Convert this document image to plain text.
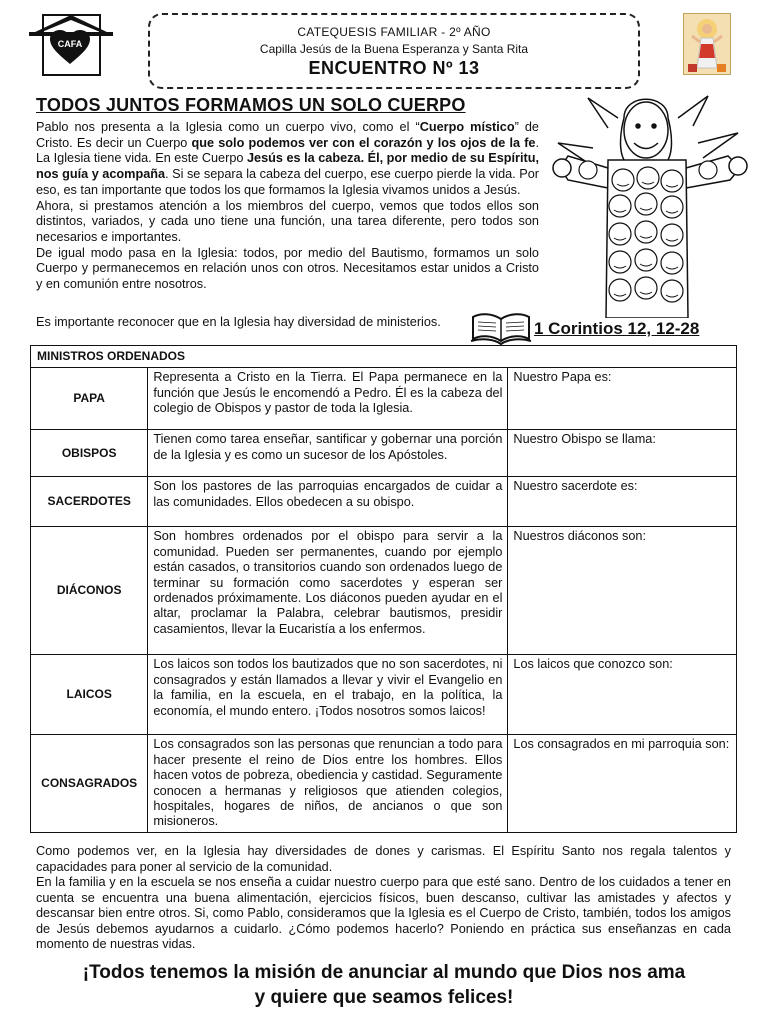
CAFA
CATEQUESIS FAMILIAR - 2º AÑO
Capilla Jesús de la Buena Esperanza y Santa Rita
ENCUENTRO Nº 13
TODOS JUNTOS FORMAMOS UN SOLO CUERPO

Pablo nos presenta a la Iglesia como un cuerpo vivo, como el “Cuerpo místico” de Cristo. Es decir un Cuerpo que solo podemos ver con el corazón y los ojos de la fe. La Iglesia tiene vida. En este Cuerpo Jesús es la cabeza. Él, por medio de su Espíritu, nos guía y acompaña. Si se separa la cabeza del cuerpo, ese cuerpo pierde la vida. Por eso, es tan importante que todos los que formamos la Iglesia vivamos unidos a Jesús.

Ahora, si prestamos atención a los miembros del cuerpo, vemos que todos ellos son distintos, variados, y cada uno tiene una función, una tarea diferente, pero todos son necesarios e importantes.

De igual modo pasa en la Iglesia: todos, por medio del Bautismo, formamos un solo Cuerpo y permanecemos en relación unos con otros. Necesitamos estar unidos a Cristo y en comunión entre nosotros.

Es importante reconocer que en la Iglesia hay diversidad de ministerios.	1 Corintios 12, 12-28
MINISTROS ORDENADOS		
PAPA	Representa a Cristo en la Tierra. El Papa permanece en la función que Jesús le encomendó a Pedro. Él es la cabeza del colegio de Obispos y pastor de toda la Iglesia.	Nuestro Papa es:
OBISPOS	Tienen como tarea enseñar, santificar y gobernar una porción de la Iglesia y es como un sucesor de los Apóstoles.	Nuestro Obispo se llama:
SACERDOTES	Son los pastores de las parroquias encargados de cuidar a las comunidades. Ellos obedecen a su obispo.	Nuestro sacerdote es:
DIÁCONOS	Son hombres ordenados por el obispo para servir a la comunidad. Pueden ser permanentes, cuando por ejemplo están casados, o transitorios cuando son ordenados luego de terminar su formación como sacerdotes y esperan ser ordenados próximamente. Los diáconos pueden ayudar en el altar, proclamar la Palabra, celebrar bautismos, presidir casamientos, llevar la Eucaristía a los enfermos.	Nuestros diáconos son:
LAICOS	Los laicos son todos los bautizados que no son sacerdotes, ni consagrados y están llamados a llevar y vivir el Evangelio en la familia, en la escuela, en el trabajo, en la política, la economía, el mundo entero. ¡Todos nosotros somos laicos!	Los laicos que conozco son:
CONSAGRADOS	Los consagrados son las personas que renuncian a todo para hacer presente el reino de Dios entre los hombres. Ellos hacen votos de pobreza, obediencia y castidad. Seguramente conocen a hermanas y religiosos que atienden colegios, hospitales, hogares de niños, de ancianos o que son misioneros.	Los consagrados en mi parroquia son:

Como podemos ver, en la Iglesia hay diversidades de dones y carismas. El Espíritu Santo nos regala talentos y capacidades para poner al servicio de la comunidad.

En la familia y en la escuela se nos enseña a cuidar nuestro cuerpo para que esté sano. Dentro de los cuidados a tener en cuenta se encuentra una buena alimentación, ejercicios físicos, buen descanso, cultivar las amistades y afectos y descansar bien entre otros. Si, como Pablo, consideramos que la Iglesia es el Cuerpo de Cristo, también, todos los amigos de Jesús debemos ayudarnos a cuidarlo. ¿Cómo podemos hacerlo? Poniendo en práctica sus enseñanzas en cada momento de nuestras vidas.

¡Todos tenemos la misión de anunciar al mundo que Dios nos ama
y quiere que seamos felices!
